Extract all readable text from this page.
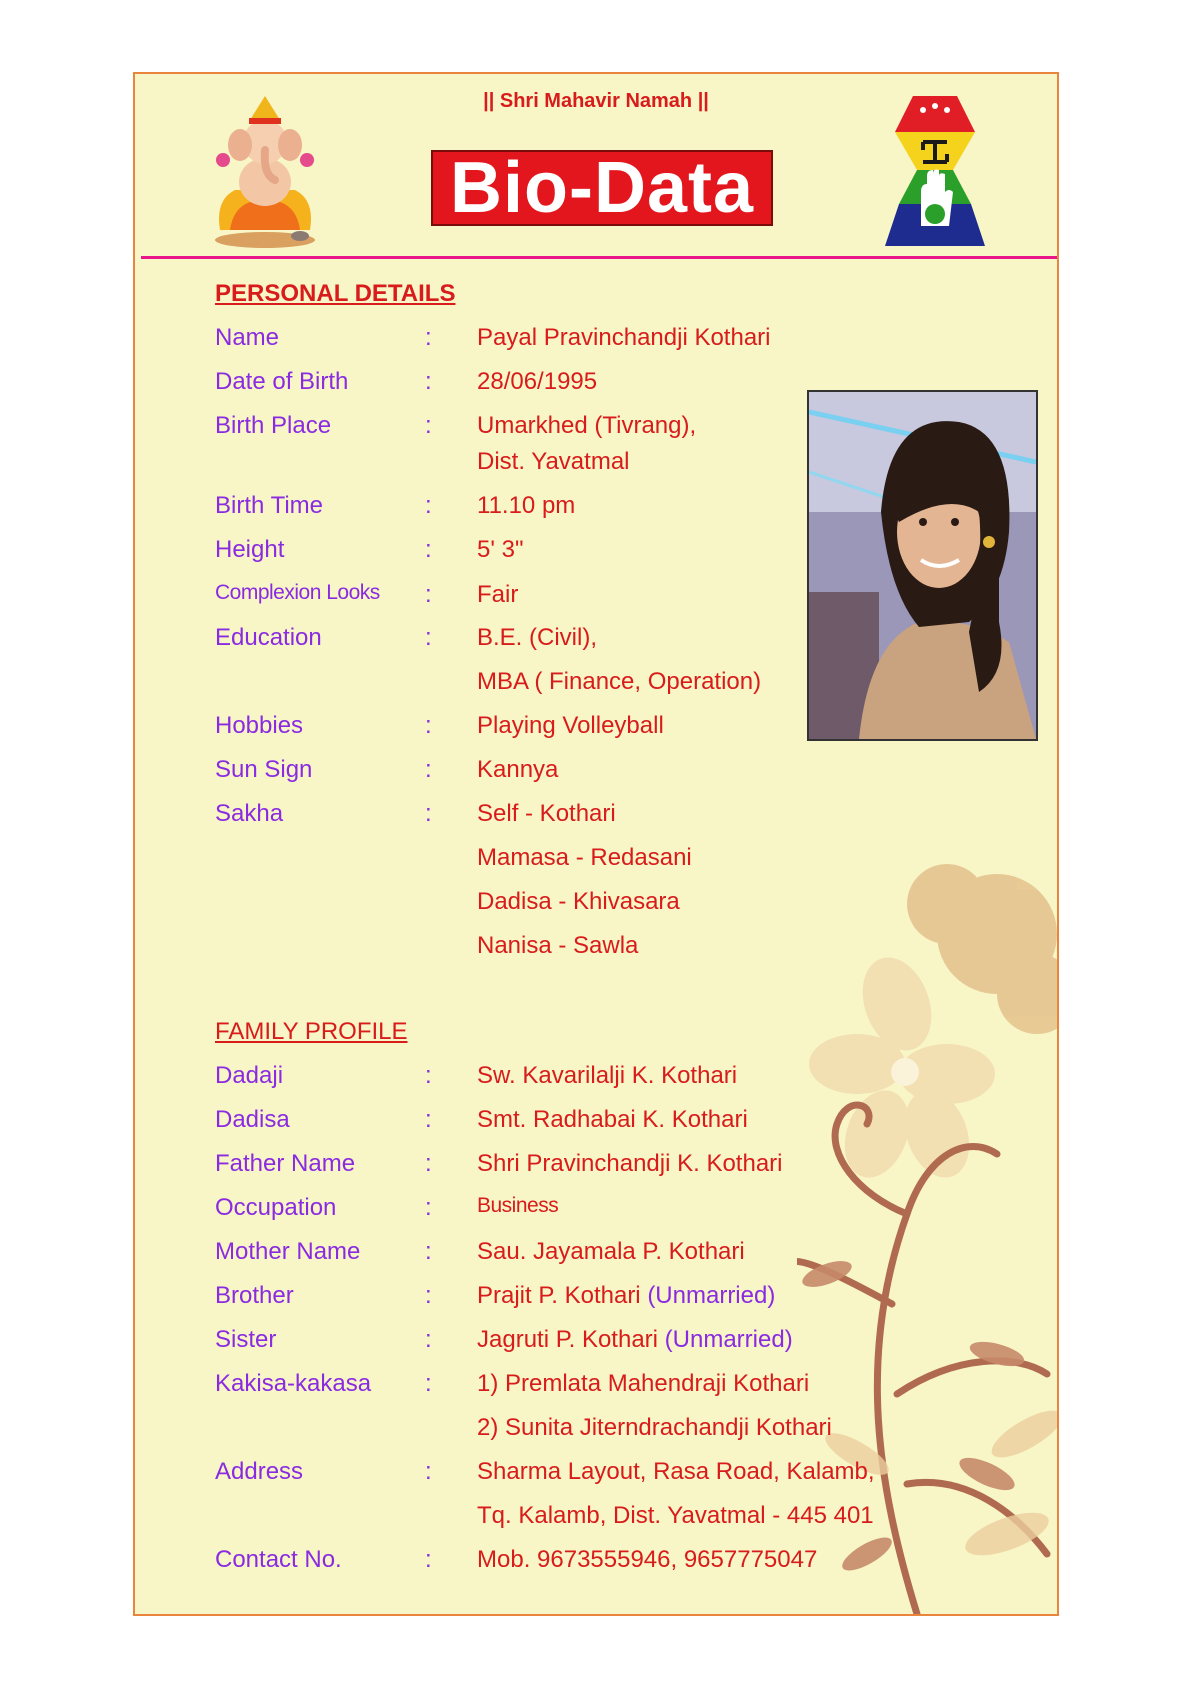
|| Shri Mahavir Namah ||
Bio-Data
PERSONAL DETAILS
Name	: Payal Pravinchandji Kothari
Date of Birth	: 28/06/1995
Birth Place	: Umarkhed (Tivrang),
Dist. Yavatmal
Birth Time	: 11.10 pm
Height	: 5' 3"
Complexion Looks : Fair
Education	: B.E. (Civil),
MBA ( Finance, Operation)
Hobbies	: Playing Volleyball
Sun Sign	: Kannya
Sakha	: Self - Kothari
Mamasa - Redasani
Dadisa - Khivasara
Nanisa - Sawla
FAMILY PROFILE
Dadaji	: Sw. Kavarilalji K. Kothari
Dadisa	: Smt. Radhabai K. Kothari
Father Name	: Shri Pravinchandji K. Kothari
Occupation	: Business
Mother Name	: Sau. Jayamala P. Kothari
Brother	: Prajit P. Kothari (Unmarried)
Sister	: Jagruti P. Kothari (Unmarried)
Kakisa-kakasa : 1) Premlata Mahendraji Kothari
2) Sunita Jiterndrachandji Kothari
Address	: Sharma Layout, Rasa Road, Kalamb,
Tq. Kalamb, Dist. Yavatmal - 445 401
Contact No.	: Mob. 9673555946, 9657775047
